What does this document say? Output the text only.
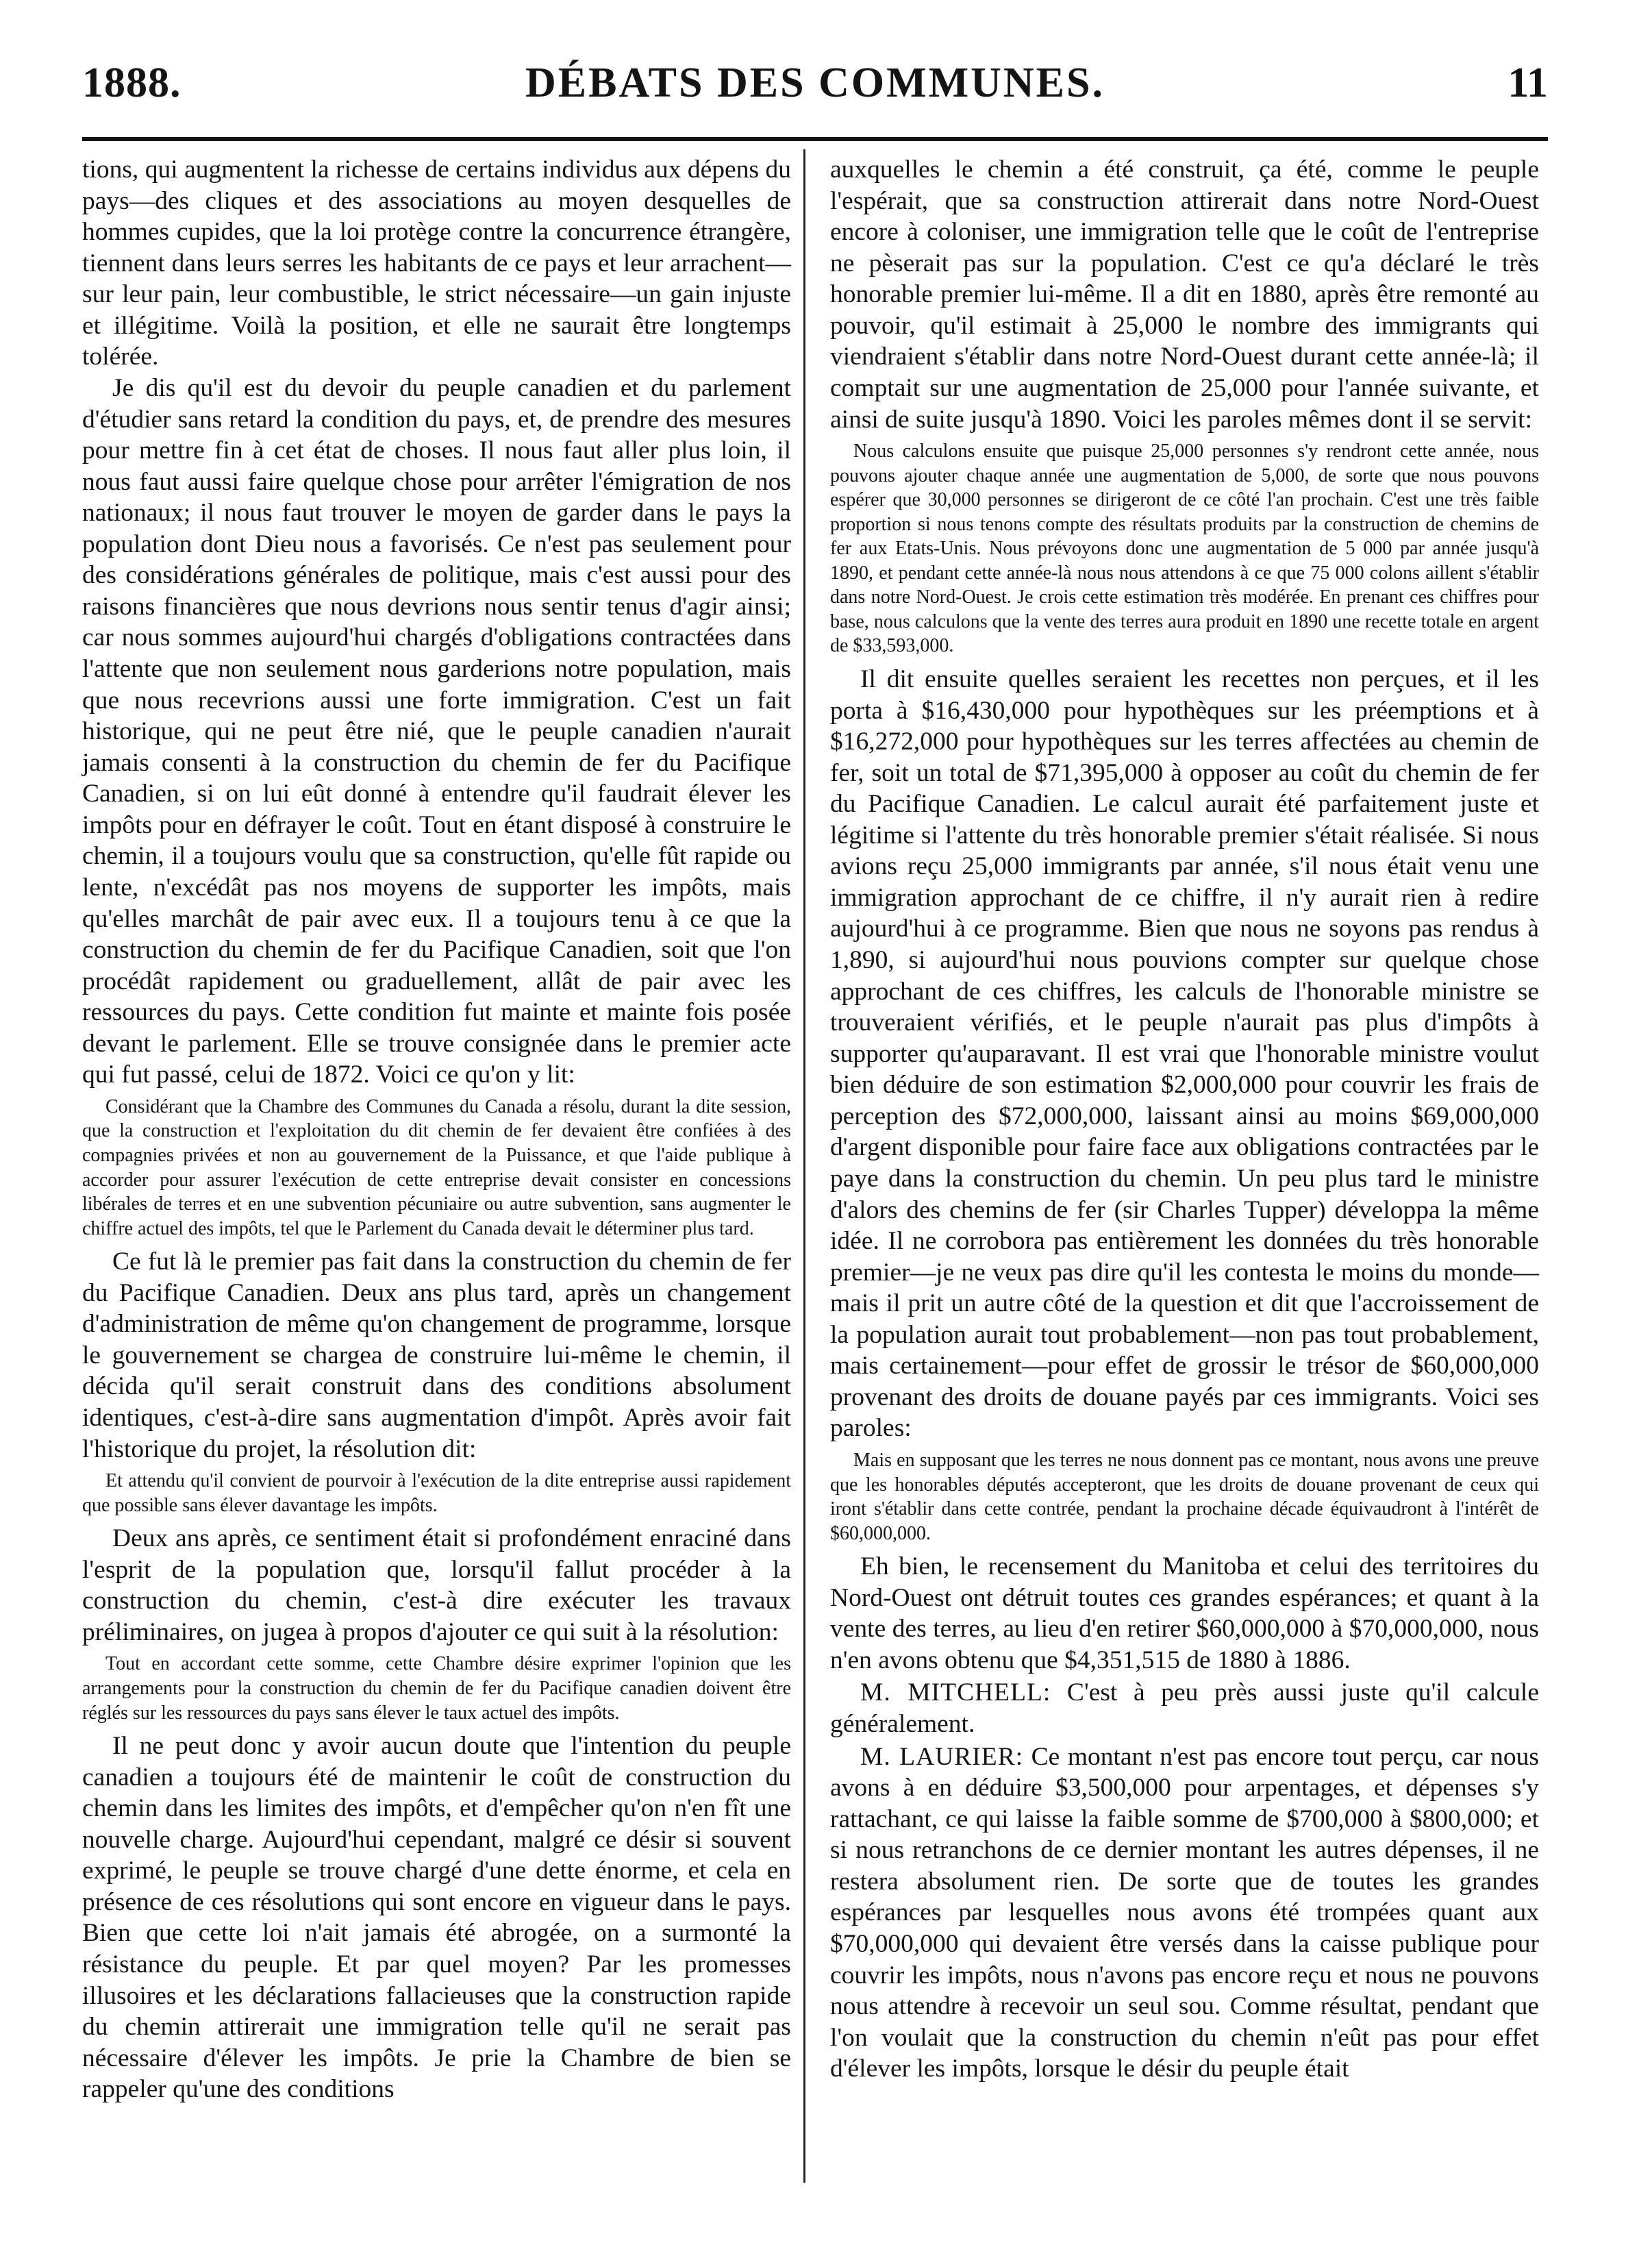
1888.	DÉBATS DES COMMUNES.	11

tions, qui augmentent la richesse de certains individus aux dépens du pays—des cliques et des associations au moyen desquelles de hommes cupides, que la loi protège contre la concurrence étrangère, tiennent dans leurs serres les habitants de ce pays et leur arrachent—sur leur pain, leur combustible, le strict nécessaire—un gain injuste et illégitime. Voilà la position, et elle ne saurait être longtemps tolérée.

Je dis qu'il est du devoir du peuple canadien et du parlement d'étudier sans retard la condition du pays, et, de prendre des mesures pour mettre fin à cet état de choses. Il nous faut aller plus loin, il nous faut aussi faire quelque chose pour arrêter l'émigration de nos nationaux; il nous faut trouver le moyen de garder dans le pays la population dont Dieu nous a favorisés. Ce n'est pas seulement pour des considérations générales de politique, mais c'est aussi pour des raisons financières que nous devrions nous sentir tenus d'agir ainsi; car nous sommes aujourd'hui chargés d'obligations contractées dans l'attente que non seulement nous garderions notre population, mais que nous recevrions aussi une forte immigration. C'est un fait historique, qui ne peut être nié, que le peuple canadien n'aurait jamais consenti à la construction du chemin de fer du Pacifique Canadien, si on lui eût donné à entendre qu'il faudrait élever les impôts pour en défrayer le coût. Tout en étant disposé à construire le chemin, il a toujours voulu que sa construction, qu'elle fût rapide ou lente, n'excédât pas nos moyens de supporter les impôts, mais qu'elles marchât de pair avec eux. Il a toujours tenu à ce que la construction du chemin de fer du Pacifique Canadien, soit que l'on procédât rapidement ou graduellement, allât de pair avec les ressources du pays. Cette condition fut mainte et mainte fois posée devant le parlement. Elle se trouve consignée dans le premier acte qui fut passé, celui de 1872. Voici ce qu'on y lit:

Considérant que la Chambre des Communes du Canada a résolu, durant la dite session, que la construction et l'exploitation du dit chemin de fer devaient être confiées à des compagnies privées et non au gouvernement de la Puissance, et que l'aide publique à accorder pour assurer l'exécution de cette entreprise devait consister en concessions libérales de terres et en une subvention pécuniaire ou autre subvention, sans augmenter le chiffre actuel des impôts, tel que le Parlement du Canada devait le déterminer plus tard.

Ce fut là le premier pas fait dans la construction du chemin de fer du Pacifique Canadien. Deux ans plus tard, après un changement d'administration de même qu'on changement de programme, lorsque le gouvernement se chargea de construire lui-même le chemin, il décida qu'il serait construit dans des conditions absolument identiques, c'est-à-dire sans augmentation d'impôt. Après avoir fait l'historique du projet, la résolution dit:

Et attendu qu'il convient de pourvoir à l'exécution de la dite entreprise aussi rapidement que possible sans élever davantage les impôts.

Deux ans après, ce sentiment était si profondément enraciné dans l'esprit de la population que, lorsqu'il fallut procéder à la construction du chemin, c'est-à dire exécuter les travaux préliminaires, on jugea à propos d'ajouter ce qui suit à la résolution:

Tout en accordant cette somme, cette Chambre désire exprimer l'opinion que les arrangements pour la construction du chemin de fer du Pacifique canadien doivent être réglés sur les ressources du pays sans élever le taux actuel des impôts.

Il ne peut donc y avoir aucun doute que l'intention du peuple canadien a toujours été de maintenir le coût de construction du chemin dans les limites des impôts, et d'empêcher qu'on n'en fît une nouvelle charge. Aujourd'hui cependant, malgré ce désir si souvent exprimé, le peuple se trouve chargé d'une dette énorme, et cela en présence de ces résolutions qui sont encore en vigueur dans le pays. Bien que cette loi n'ait jamais été abrogée, on a surmonté la résistance du peuple. Et par quel moyen? Par les promesses illusoires et les déclarations fallacieuses que la construction rapide du chemin attirerait une immigration telle qu'il ne serait pas nécessaire d'élever les impôts. Je prie la Chambre de bien se rappeler qu'une des conditions

auxquelles le chemin a été construit, ça été, comme le peuple l'espérait, que sa construction attirerait dans notre Nord-Ouest encore à coloniser, une immigration telle que le coût de l'entreprise ne pèserait pas sur la population. C'est ce qu'a déclaré le très honorable premier lui-même. Il a dit en 1880, après être remonté au pouvoir, qu'il estimait à 25,000 le nombre des immigrants qui viendraient s'établir dans notre Nord-Ouest durant cette année-là; il comptait sur une augmentation de 25,000 pour l'année suivante, et ainsi de suite jusqu'à 1890. Voici les paroles mêmes dont il se servit:

Nous calculons ensuite que puisque 25,000 personnes s'y rendront cette année, nous pouvons ajouter chaque année une augmentation de 5,000, de sorte que nous pouvons espérer que 30,000 personnes se dirigeront de ce côté l'an prochain. C'est une très faible proportion si nous tenons compte des résultats produits par la construction de chemins de fer aux Etats-Unis. Nous prévoyons donc une augmentation de 5 000 par année jusqu'à 1890, et pendant cette année-là nous nous attendons à ce que 75 000 colons aillent s'établir dans notre Nord-Ouest. Je crois cette estimation très modérée. En prenant ces chiffres pour base, nous calculons que la vente des terres aura produit en 1890 une recette totale en argent de $33,593,000.

Il dit ensuite quelles seraient les recettes non perçues, et il les porta à $16,430,000 pour hypothèques sur les préemptions et à $16,272,000 pour hypothèques sur les terres affectées au chemin de fer, soit un total de $71,395,000 à opposer au coût du chemin de fer du Pacifique Canadien. Le calcul aurait été parfaitement juste et légitime si l'attente du très honorable premier s'était réalisée. Si nous avions reçu 25,000 immigrants par année, s'il nous était venu une immigration approchant de ce chiffre, il n'y aurait rien à redire aujourd'hui à ce programme. Bien que nous ne soyons pas rendus à 1,890, si aujourd'hui nous pouvions compter sur quelque chose approchant de ces chiffres, les calculs de l'honorable ministre se trouveraient vérifiés, et le peuple n'aurait pas plus d'impôts à supporter qu'auparavant. Il est vrai que l'honorable ministre voulut bien déduire de son estimation $2,000,000 pour couvrir les frais de perception des $72,000,000, laissant ainsi au moins $69,000,000 d'argent disponible pour faire face aux obligations contractées par le paye dans la construction du chemin. Un peu plus tard le ministre d'alors des chemins de fer (sir Charles Tupper) développa la même idée. Il ne corrobora pas entièrement les données du très honorable premier—je ne veux pas dire qu'il les contesta le moins du monde—mais il prit un autre côté de la question et dit que l'accroissement de la population aurait tout probablement—non pas tout probablement, mais certainement—pour effet de grossir le trésor de $60,000,000 provenant des droits de douane payés par ces immigrants. Voici ses paroles:

Mais en supposant que les terres ne nous donnent pas ce montant, nous avons une preuve que les honorables députés accepteront, que les droits de douane provenant de ceux qui iront s'établir dans cette contrée, pendant la prochaine décade équivaudront à l'intérêt de $60,000,000.

Eh bien, le recensement du Manitoba et celui des territoires du Nord-Ouest ont détruit toutes ces grandes espérances; et quant à la vente des terres, au lieu d'en retirer $60,000,000 à $70,000,000, nous n'en avons obtenu que $4,351,515 de 1880 à 1886.

M. MITCHELL: C'est à peu près aussi juste qu'il calcule généralement.

M. LAURIER: Ce montant n'est pas encore tout perçu, car nous avons à en déduire $3,500,000 pour arpentages, et dépenses s'y rattachant, ce qui laisse la faible somme de $700,000 à $800,000; et si nous retranchons de ce dernier montant les autres dépenses, il ne restera absolument rien. De sorte que de toutes les grandes espérances par lesquelles nous avons été trompées quant aux $70,000,000 qui devaient être versés dans la caisse publique pour couvrir les impôts, nous n'avons pas encore reçu et nous ne pouvons nous attendre à recevoir un seul sou. Comme résultat, pendant que l'on voulait que la construction du chemin n'eût pas pour effet d'élever les impôts, lorsque le désir du peuple était
